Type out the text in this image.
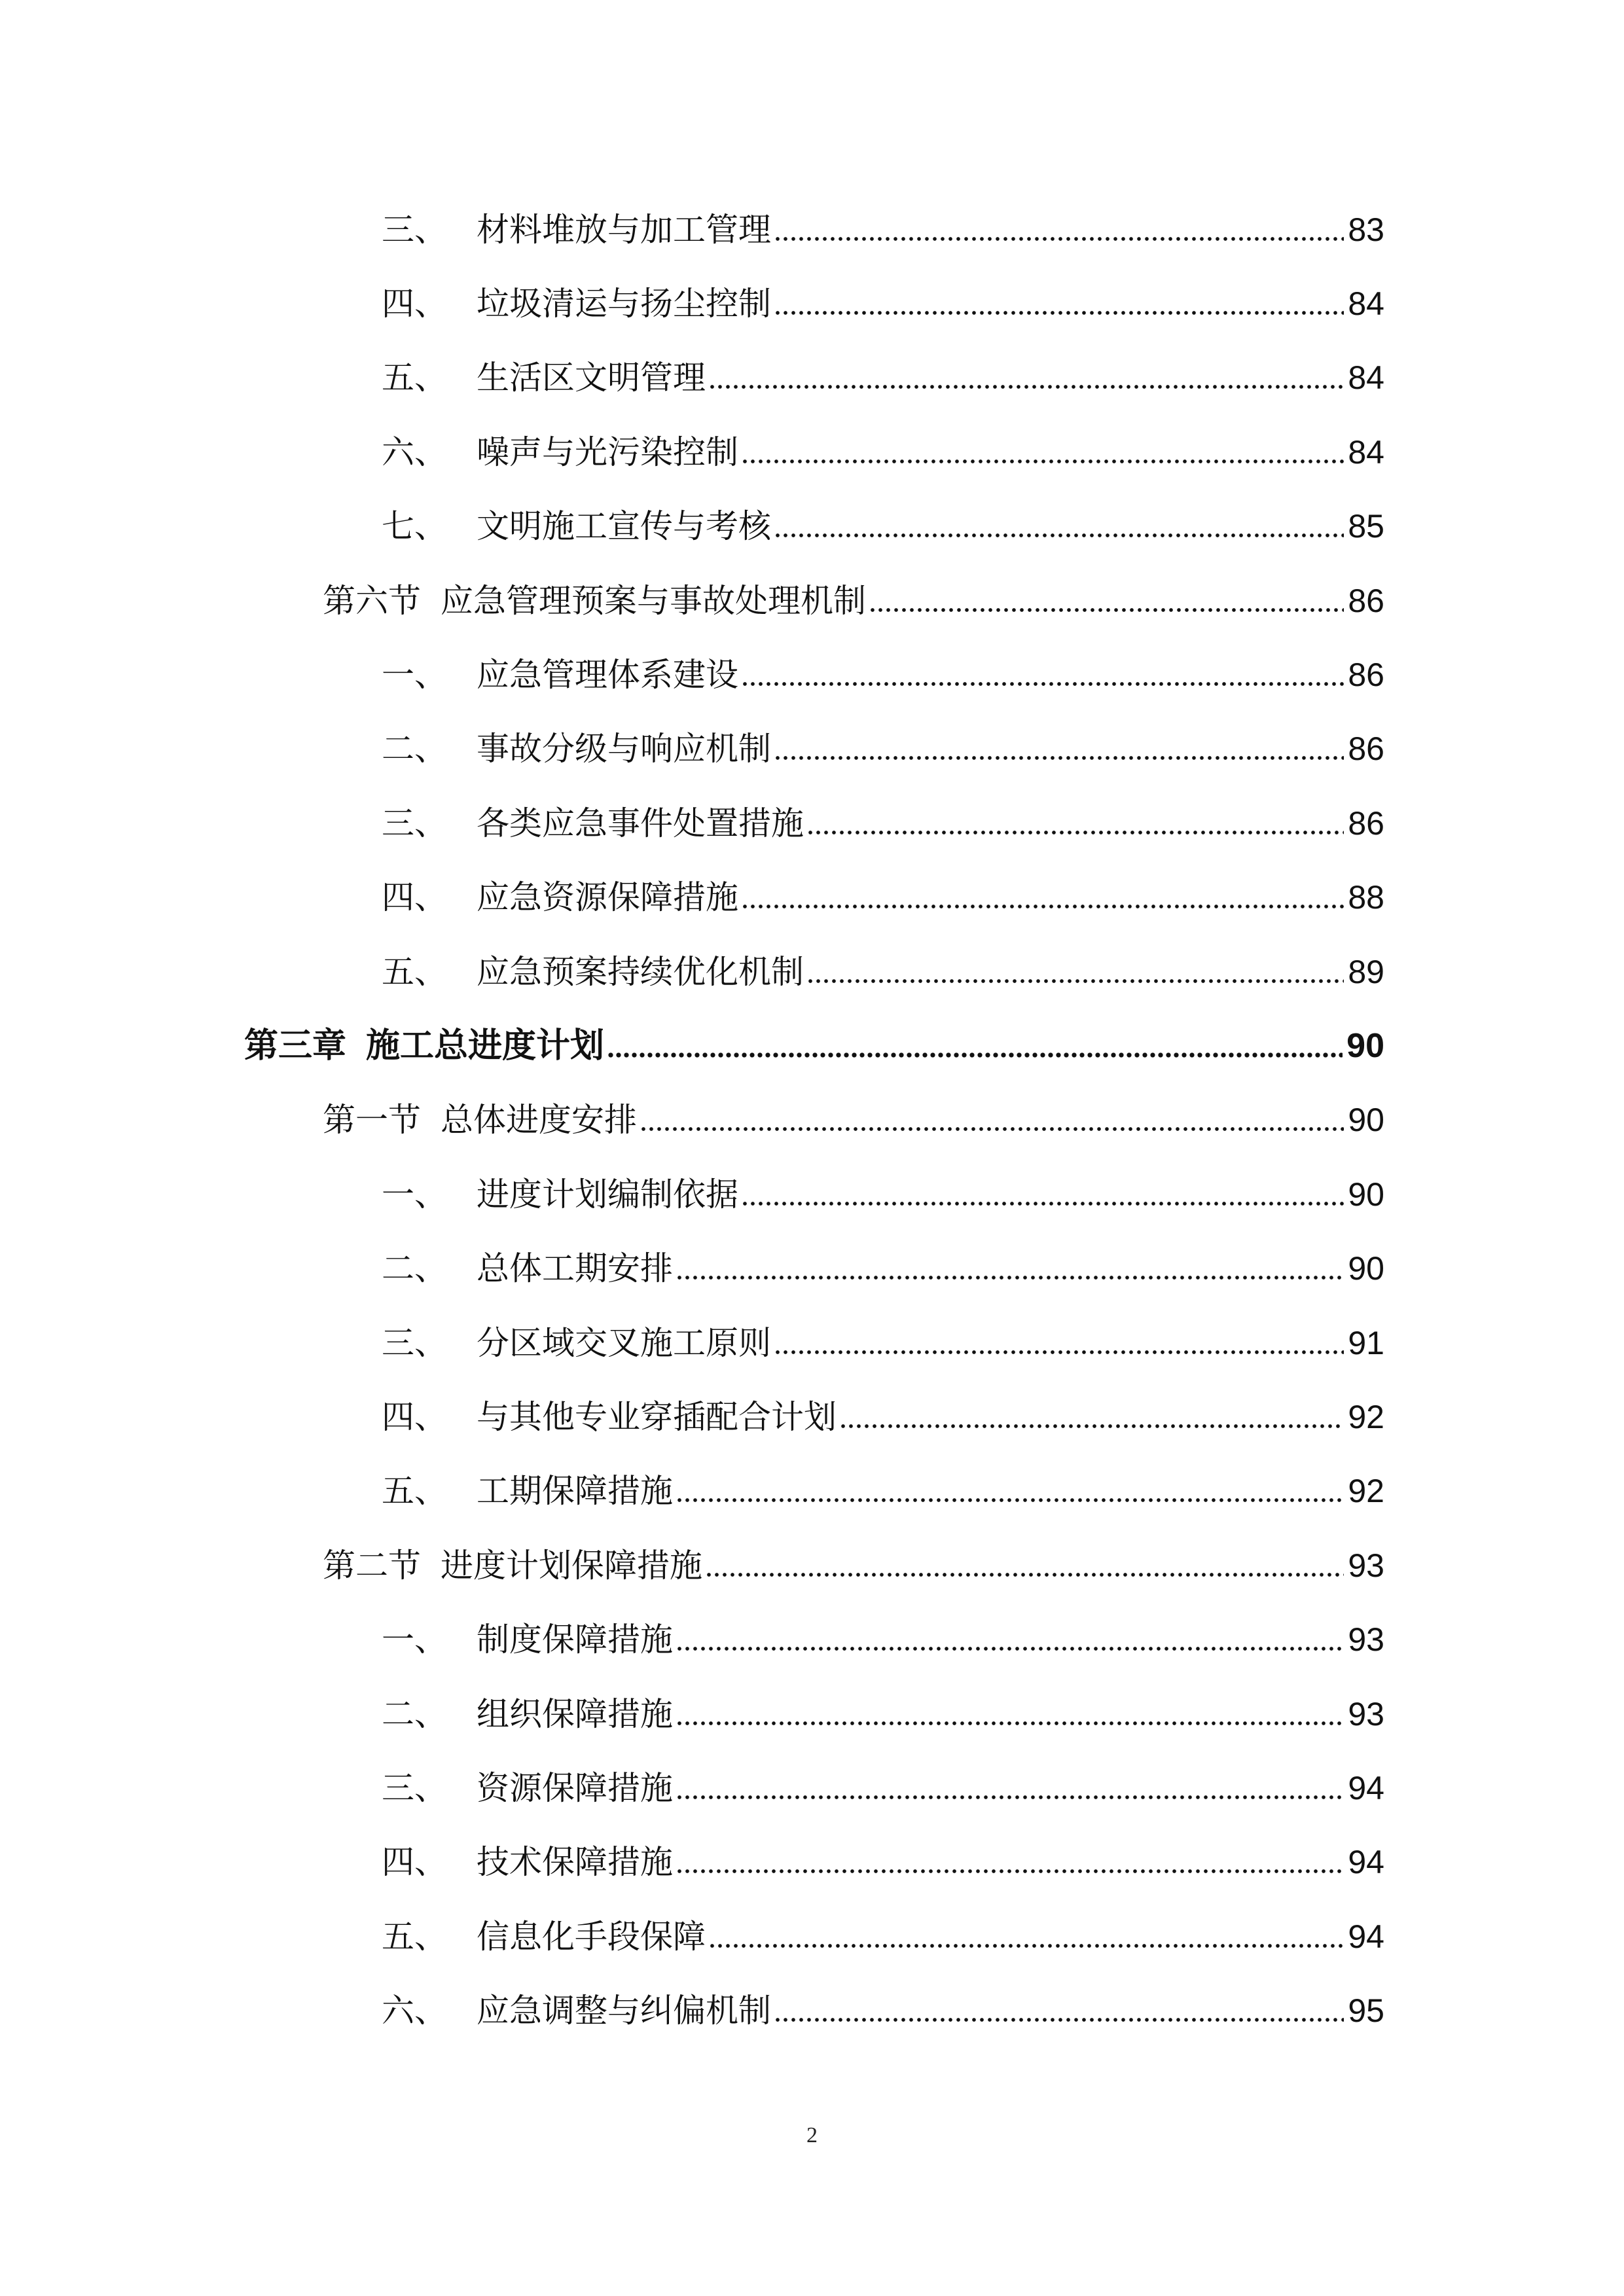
三、 材料堆放与加工管理	83
四、 垃圾清运与扬尘控制	84
五、 生活区文明管理	84
六、 噪声与光污染控制	84
七、 文明施工宣传与考核	85
第六节 应急管理预案与事故处理机制	86
一、 应急管理体系建设	86
二、 事故分级与响应机制	86
三、 各类应急事件处置措施	86
四、 应急资源保障措施	88
五、 应急预案持续优化机制	89
第三章 施工总进度计划	90
第一节 总体进度安排	90
一、 进度计划编制依据	90
二、 总体工期安排	90
三、 分区域交叉施工原则	91
四、 与其他专业穿插配合计划	92
五、 工期保障措施	92
第二节 进度计划保障措施	93
一、 制度保障措施	93
二、 组织保障措施	93
三、 资源保障措施	94
四、 技术保障措施	94
五、 信息化手段保障	94
六、 应急调整与纠偏机制	95
2
